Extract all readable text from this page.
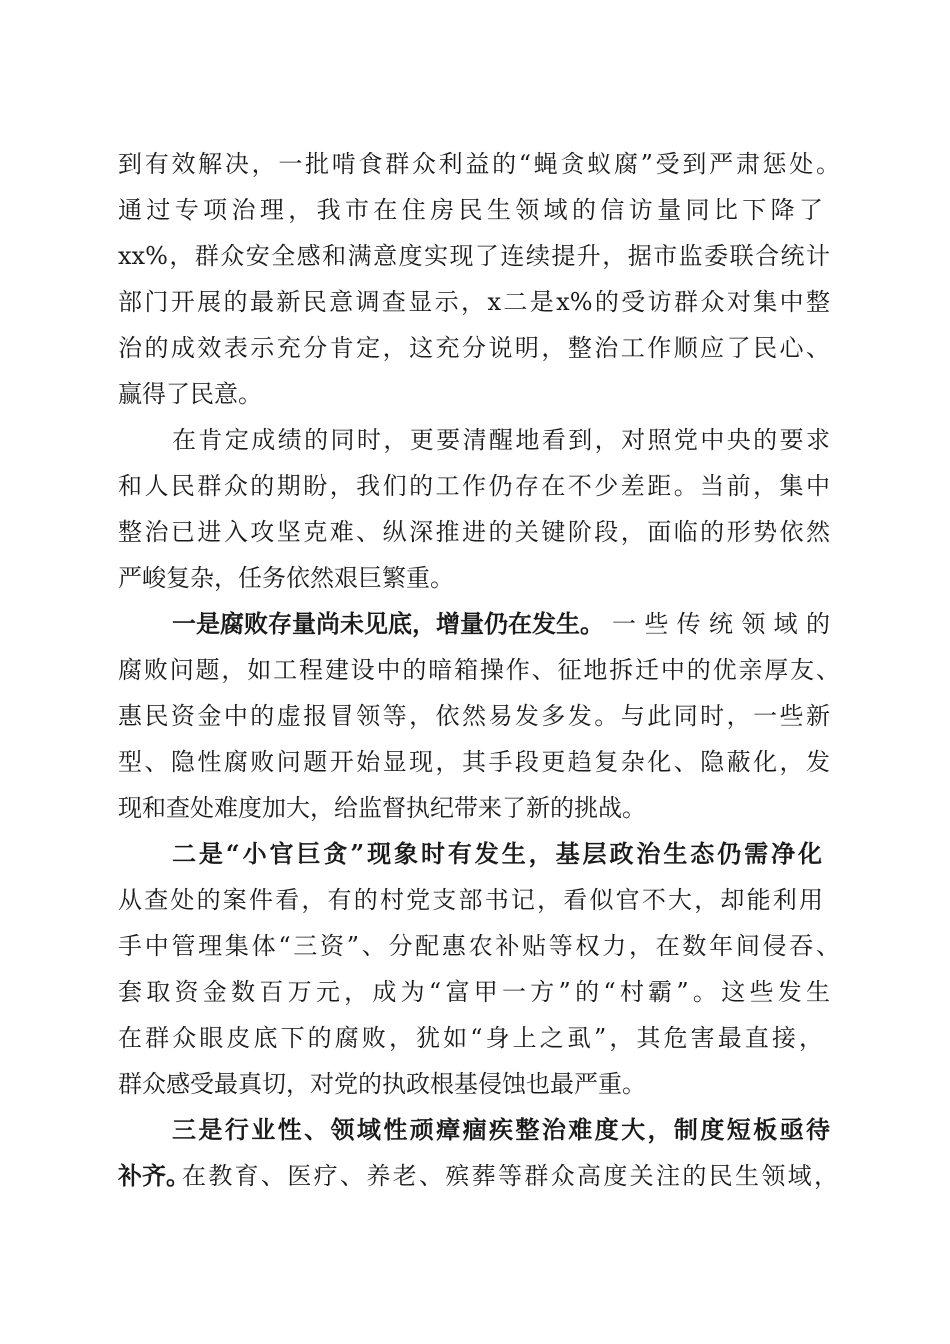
到有效解决，一批啃食群众利益的“蝇贪蚁腐”受到严肃惩处。
通过专项治理，我市在住房民生领域的信访量同比下降了
xx%，群众安全感和满意度实现了连续提升，据市监委联合统计
部门开展的最新民意调查显示，x二是x%的受访群众对集中整
治的成效表示充分肯定，这充分说明，整治工作顺应了民心、
赢得了民意。
在肯定成绩的同时，更要清醒地看到，对照党中央的要求
和人民群众的期盼，我们的工作仍存在不少差距。当前，集中
整治已进入攻坚克难、纵深推进的关键阶段，面临的形势依然
严峻复杂，任务依然艰巨繁重。
一是腐败存量尚未见底，增量仍在发生。 一些传统领域的
腐败问题，如工程建设中的暗箱操作、征地拆迁中的优亲厚友、
惠民资金中的虚报冒领等，依然易发多发。与此同时，一些新
型、隐性腐败问题开始显现，其手段更趋复杂化、隐蔽化，发
现和查处难度加大，给监督执纪带来了新的挑战。
二是“小官巨贪”现象时有发生，基层政治生态仍需净化
从查处的案件看，有的村党支部书记，看似官不大，却能利用
手中管理集体“三资”、分配惠农补贴等权力，在数年间侵吞、
套取资金数百万元，成为“富甲一方”的“村霸”。这些发生
在群众眼皮底下的腐败，犹如“身上之虱”，其危害最直接，
群众感受最真切，对党的执政根基侵蚀也最严重。
三是行业性、领域性顽瘴痼疾整治难度大，制度短板亟待
补齐。
在教育、医疗、养老、殡葬等群众高度关注的民生领域，
